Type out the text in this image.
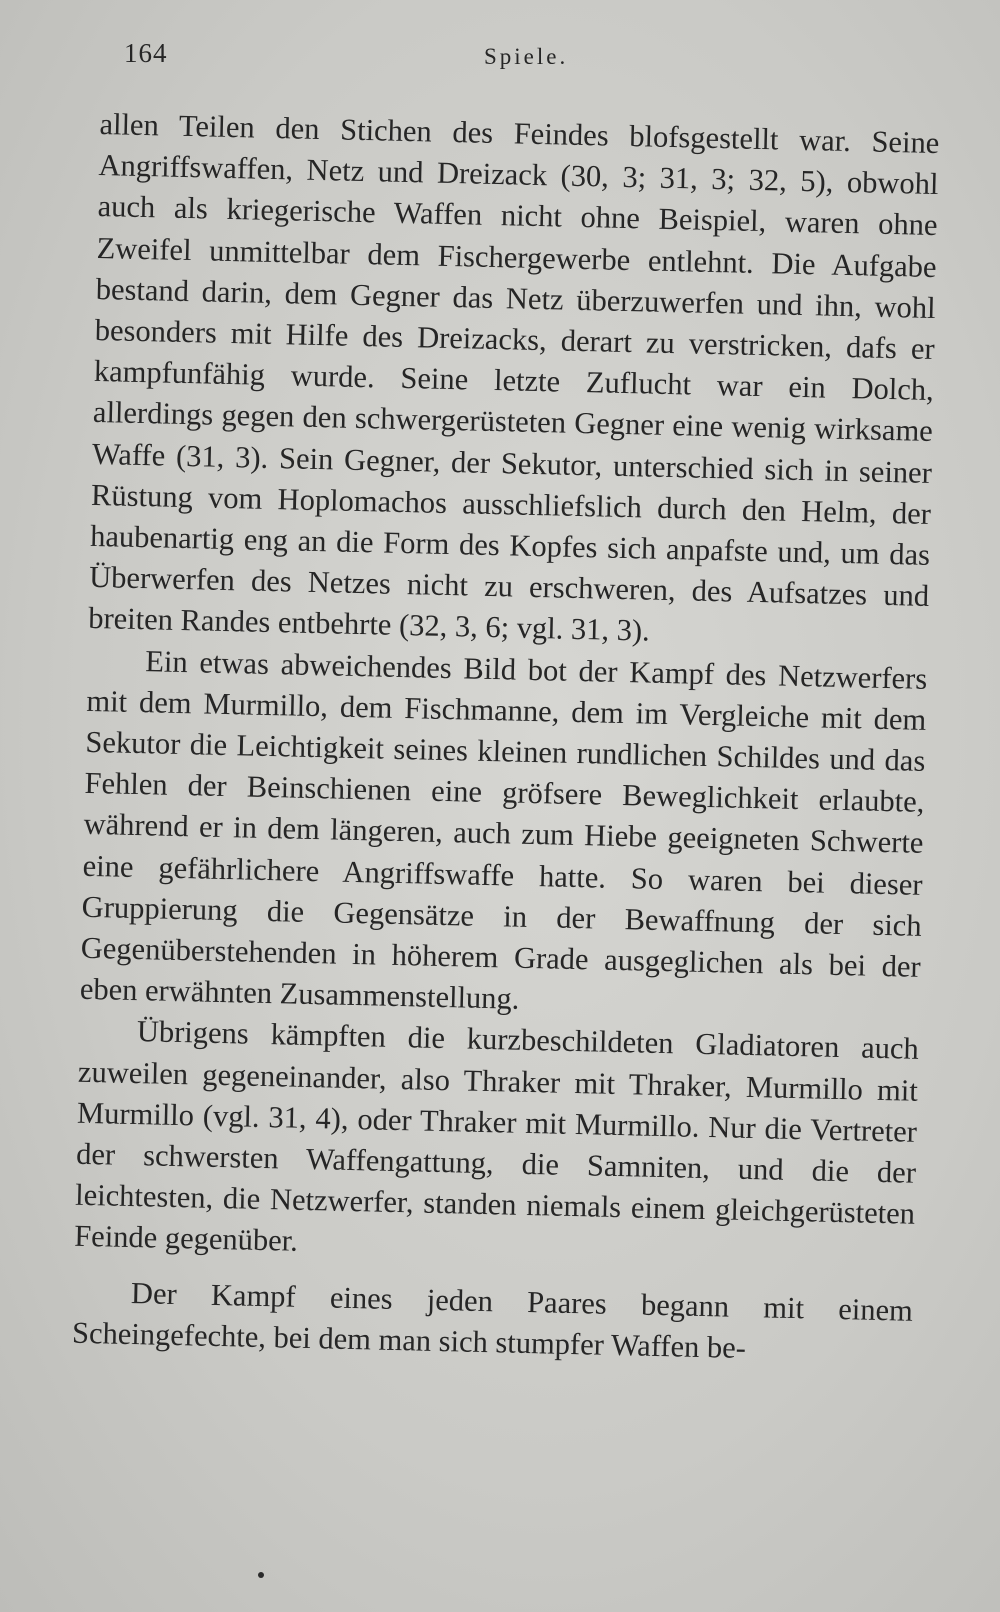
164	Spiele.

allen Teilen den Stichen des Feindes blofsgestellt war. Seine Angriffswaffen, Netz und Dreizack (30, 3; 31, 3; 32, 5), obwohl auch als kriegerische Waffen nicht ohne Beispiel, waren ohne Zweifel unmittelbar dem Fischergewerbe entlehnt. Die Aufgabe bestand darin, dem Gegner das Netz überzuwerfen und ihn, wohl besonders mit Hilfe des Dreizacks, derart zu verstricken, dafs er kampfunfähig wurde. Seine letzte Zuflucht war ein Dolch, allerdings gegen den schwergerüsteten Gegner eine wenig wirksame Waffe (31, 3). Sein Gegner, der Sekutor, unterschied sich in seiner Rüstung vom Hoplomachos ausschliefslich durch den Helm, der haubenartig eng an die Form des Kopfes sich anpafste und, um das Überwerfen des Netzes nicht zu erschweren, des Aufsatzes und breiten Randes entbehrte (32, 3, 6; vgl. 31, 3).

Ein etwas abweichendes Bild bot der Kampf des Netzwerfers mit dem Murmillo, dem Fischmanne, dem im Vergleiche mit dem Sekutor die Leichtigkeit seines kleinen rundlichen Schildes und das Fehlen der Beinschienen eine gröfsere Beweglichkeit erlaubte, während er in dem längeren, auch zum Hiebe geeigneten Schwerte eine gefährlichere Angriffswaffe hatte. So waren bei dieser Gruppierung die Gegensätze in der Bewaffnung der sich Gegenüberstehenden in höherem Grade ausgeglichen als bei der eben erwähnten Zusammenstellung.

Übrigens kämpften die kurzbeschildeten Gladiatoren auch zuweilen gegeneinander, also Thraker mit Thraker, Murmillo mit Murmillo (vgl. 31, 4), oder Thraker mit Murmillo. Nur die Vertreter der schwersten Waffengattung, die Samniten, und die der leichtesten, die Netzwerfer, standen niemals einem gleichgerüsteten Feinde gegenüber.

Der Kampf eines jeden Paares begann mit einem Scheingefechte, bei dem man sich stumpfer Waffen be-
